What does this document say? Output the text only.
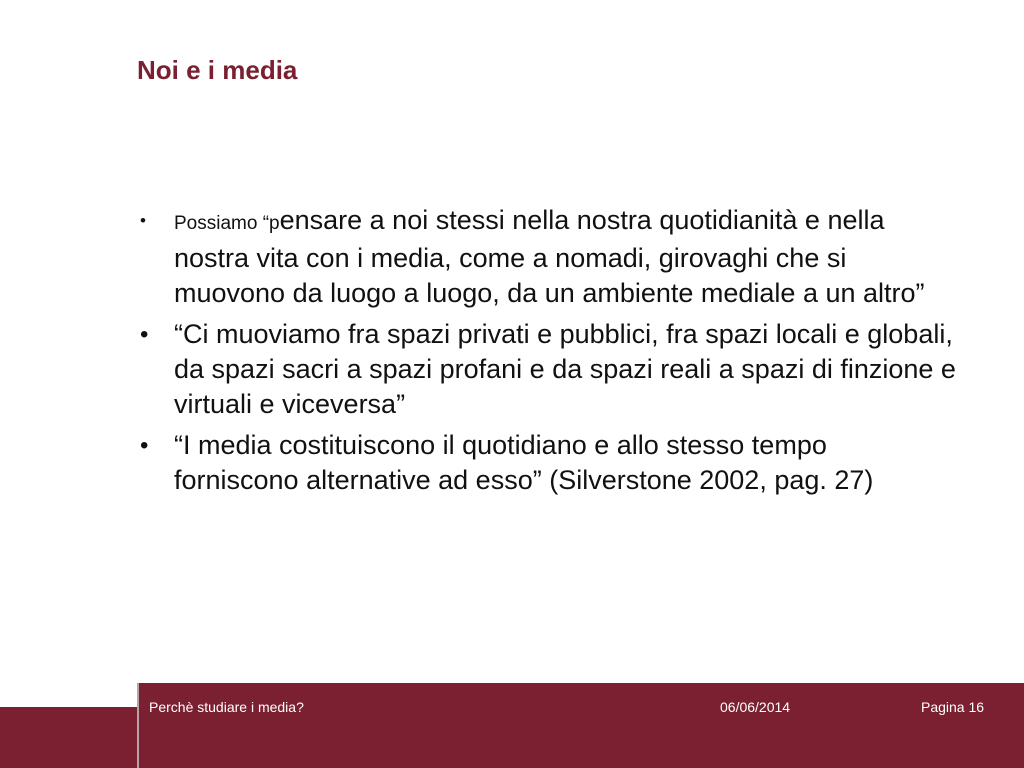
Noi e i media
• Possiamo “pensare a noi stessi nella nostra quotidianità e nella nostra vita con i media, come a nomadi, girovaghi che si muovono da luogo a luogo, da un ambiente mediale a un altro”
• “Ci muoviamo fra spazi privati e pubblici, fra spazi locali e globali, da spazi sacri a spazi profani e da spazi reali a spazi di finzione e virtuali e viceversa”
• “I media costituiscono il quotidiano e allo stesso tempo forniscono alternative ad esso” (Silverstone 2002, pag. 27)
Perchè studiare i media?	06/06/2014	Pagina 16
